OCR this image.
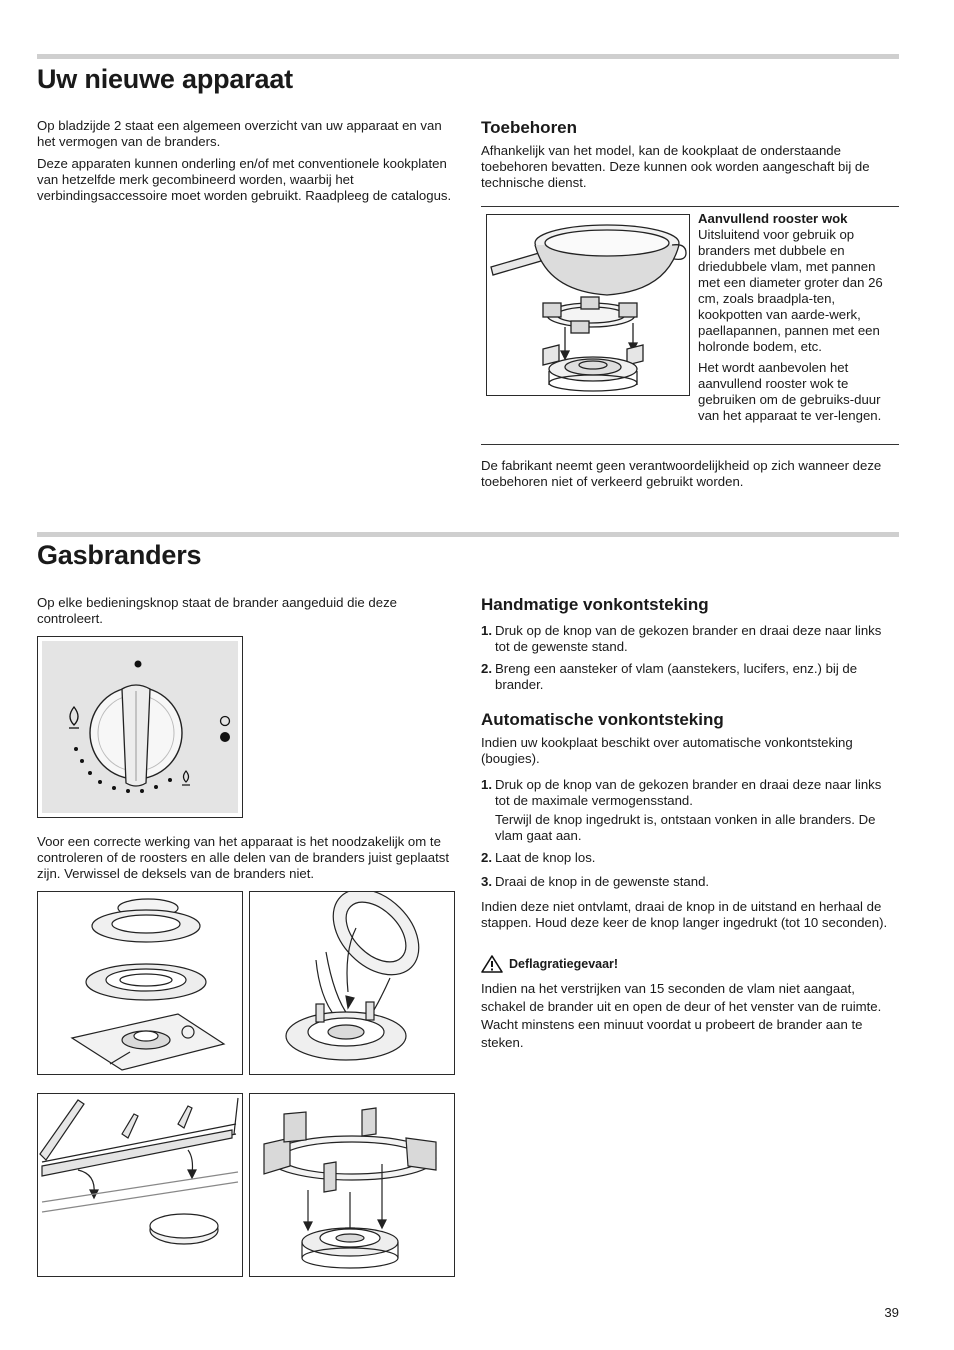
Uw nieuwe apparaat

Op bladzijde 2 staat een algemeen overzicht van uw apparaat en van het vermogen van de branders.

Deze apparaten kunnen onderling en/of met conventionele kookplaten van hetzelfde merk gecombineerd worden, waarbij het verbindingsaccessoire moet worden gebruikt. Raadpleeg de catalogus.

Toebehoren

Afhankelijk van het model, kan de kookplaat de onderstaande toebehoren bevatten. Deze kunnen ook worden aangeschaft bij de technische dienst.

Aanvullend rooster wok
Uitsluitend voor gebruik op branders met dubbele en driedubbele vlam, met pannen met een diameter groter dan 26 cm, zoals braadpla-ten, kookpotten van aarde-werk, paellapannen, pannen met een holronde bodem, etc.
Het wordt aanbevolen het aanvullend rooster wok te gebruiken om de gebruiks-duur van het apparaat te ver-lengen.

De fabrikant neemt geen verantwoordelijkheid op zich wanneer deze toebehoren niet of verkeerd gebruikt worden.

Gasbranders

Op elke bedieningsknop staat de brander aangeduid die deze controleert.

Voor een correcte werking van het apparaat is het noodzakelijk om te controleren of de roosters en alle delen van de branders juist geplaatst zijn. Verwissel de deksels van de branders niet.

Handmatige vonkontsteking
1. Druk op de knop van de gekozen brander en draai deze naar links tot de gewenste stand.
2. Breng een aansteker of vlam (aanstekers, lucifers, enz.) bij de brander.
Automatische vonkontsteking

Indien uw kookplaat beschikt over automatische vonkontsteking (bougies).

1. Druk op de knop van de gekozen brander en draai deze naar links tot de maximale vermogensstand.
Terwijl de knop ingedrukt is, ontstaan vonken in alle branders. De vlam gaat aan.
2. Laat de knop los.
3. Draai de knop in de gewenste stand.

Indien deze niet ontvlamt, draai de knop in de uitstand en herhaal de stappen. Houd deze keer de knop langer ingedrukt (tot 10 seconden).

Deflagratiegevaar!

Indien na het verstrijken van 15 seconden de vlam niet aangaat, schakel de brander uit en open de deur of het venster van de ruimte. Wacht minstens een minuut voordat u probeert de brander aan te steken.

39
